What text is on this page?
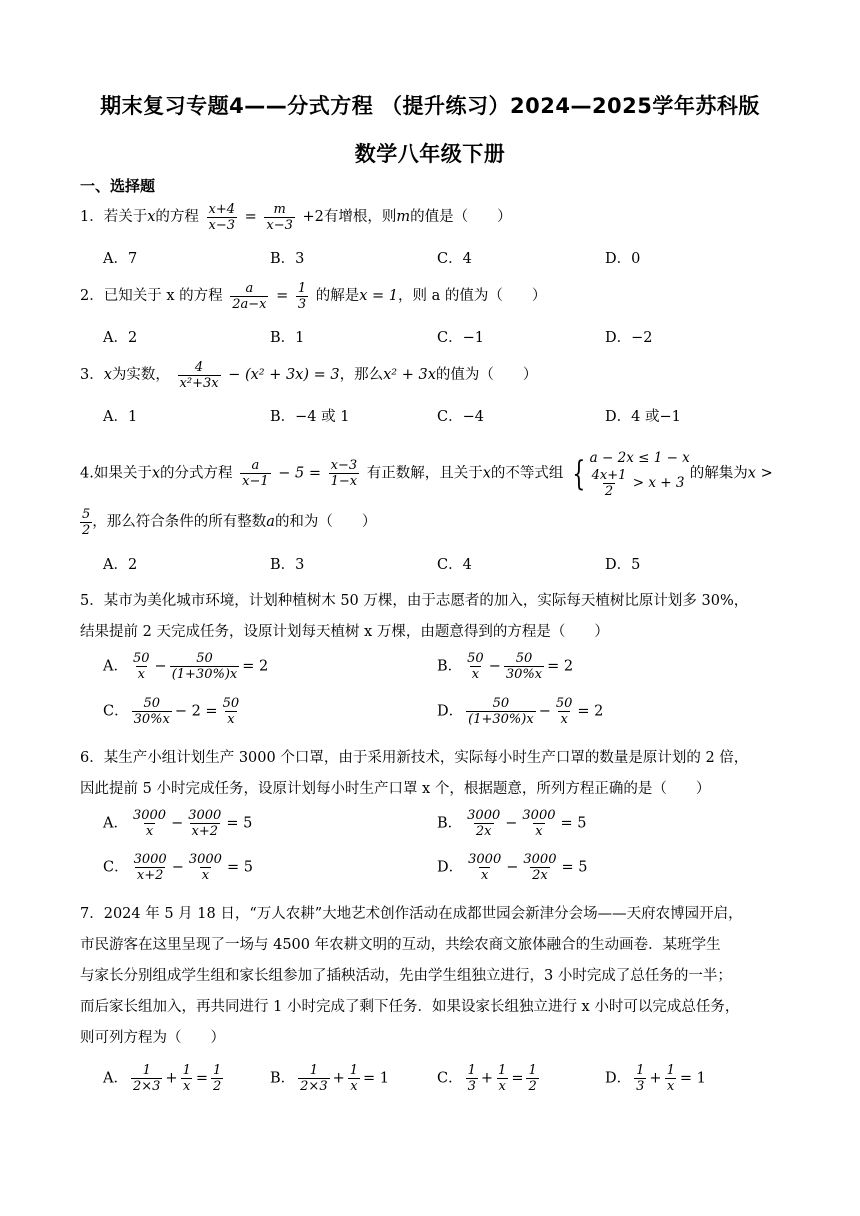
期末复习专题4——分式方程 （提升练习）2024—2025学年苏科版
数学八年级下册
一、选择题
1．若关于x的方程 $\frac{x+4}{x-3} = \frac{m}{x-3} +2$有增根，则m的值是（　　）
A．7	B．3	C．4	D．0
2．已知关于 x 的方程 $\frac{a}{2a-x} = \frac{1}{3}$ 的解是x = 1，则 a 的值为（　　）
A．2	B．1	C．−1	D．−2
3．x为实数， $\frac{4}{\text{x²+3x}} - (x^2 + 3x) = 3$，那么x² + 3x的值为（　　）
A．1	B．−4 或 1	C．−4	D．4 或−1
4.如果关于x的分式方程 $\frac{a}{x-1} - 5 = \frac{x-3}{1-x}$ 有正数解，且关于x的不等式组 { a − 2x ≤ 1 − x
$\frac{4x+1}{2} > x + 3$
的解集为x >
$\frac{5}{2}$ ，那么符合条件的所有整数a的和为（　　）
A．2	B．3	C．4	D．5
5．某市为美化城市环境，计划种植树木 50 万棵，由于志愿者的加入，实际每天植树比原计划多 30%，
结果提前 2 天完成任务，设原计划每天植树 x 万棵，由题意得到的方程是（　　）
A． $\frac{50}{x} - \frac{50}{(1+30\%)x} = 2$	B． $\frac{50}{x} - \frac{50}{30\%x} = 2$
C． $\frac{50}{30\%x} - 2 = \frac{50}{x}$	D． $\frac{50}{(1+30\%)x} - \frac{50}{x} = 2$
6．某生产小组计划生产 3000 个口罩，由于采用新技术，实际每小时生产口罩的数量是原计划的 2 倍，
因此提前 5 小时完成任务，设原计划每小时生产口罩 x 个，根据题意，所列方程正确的是（　　）
A． $\frac{3000}{x} - \frac{3000}{x+2} = 5$	B． $\frac{3000}{2x} - \frac{3000}{x} = 5$
C． $\frac{3000}{x+2} - \frac{3000}{x} = 5$	D． $\frac{3000}{x} - \frac{3000}{2x} = 5$
7．2024 年 5 月 18 日，“万人农耕”大地艺术创作活动在成都世园会新津分会场——天府农博园开启，
市民游客在这里呈现了一场与 4500 年农耕文明的互动，共绘农商文旅体融合的生动画卷．某班学生
与家长分别组成学生组和家长组参加了插秧活动，先由学生组独立进行，3 小时完成了总任务的一半；
而后家长组加入，再共同进行 1 小时完成了剩下任务．如果设家长组独立进行 x 小时可以完成总任务，
则可列方程为（　　）
A． $\frac{1}{2\times 3} + \frac{1}{x} = \frac{1}{2}$	B． $\frac{1}{2\times 3} + \frac{1}{x} = 1$	C． $\frac{1}{3} + \frac{1}{x} = \frac{1}{2}$	D． $\frac{1}{3} + \frac{1}{x} = 1$
